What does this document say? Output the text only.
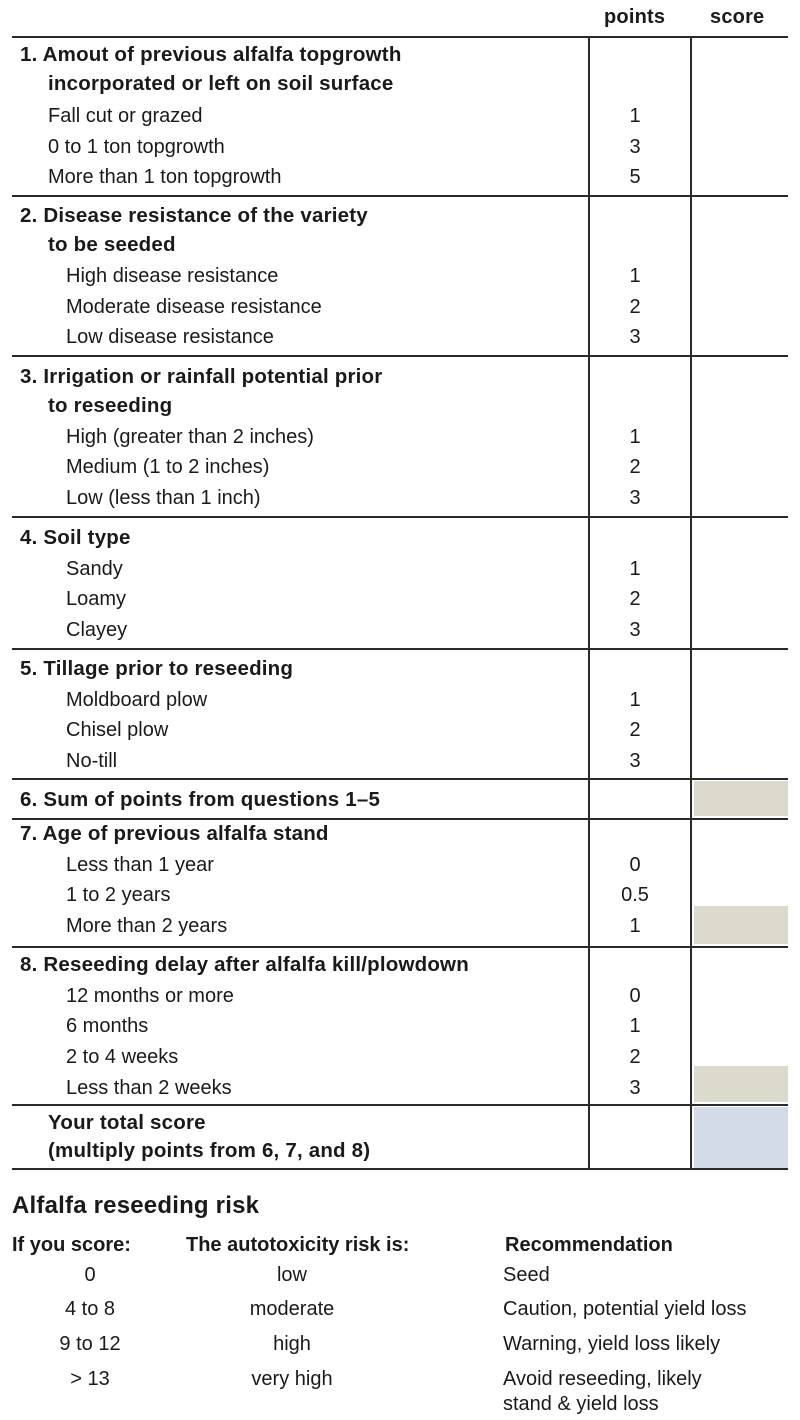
points score
1. Amout of previous alfalfa topgrowth
incorporated or left on soil surface
Fall cut or grazed	1
0 to 1 ton topgrowth	3
More than 1 ton topgrowth	5
2. Disease resistance of the variety
to be seeded
High disease resistance	1
Moderate disease resistance	2
Low disease resistance	3
3. Irrigation or rainfall potential prior
to reseeding
High (greater than 2 inches)	1
Medium (1 to 2 inches)	2
Low (less than 1 inch)	3
4. Soil type
Sandy	1
Loamy	2
Clayey	3
5. Tillage prior to reseeding
Moldboard plow	1
Chisel plow	2
No-till	3
6. Sum of points from questions 1–5
7. Age of previous alfalfa stand
Less than 1 year	0
1 to 2 years	0.5
More than 2 years	1
8. Reseeding delay after alfalfa kill/plowdown
12 months or more	0
6 months	1
2 to 4 weeks	2
Less than 2 weeks	3
Your total score
(multiply points from 6, 7, and 8)
Alfalfa reseeding risk
If you score:	The autotoxicity risk is:	Recommendation
0	low	Seed
4 to 8	moderate	Caution, potential yield loss
9 to 12	high	Warning, yield loss likely
> 13	very high	Avoid reseeding, likely
stand & yield loss
